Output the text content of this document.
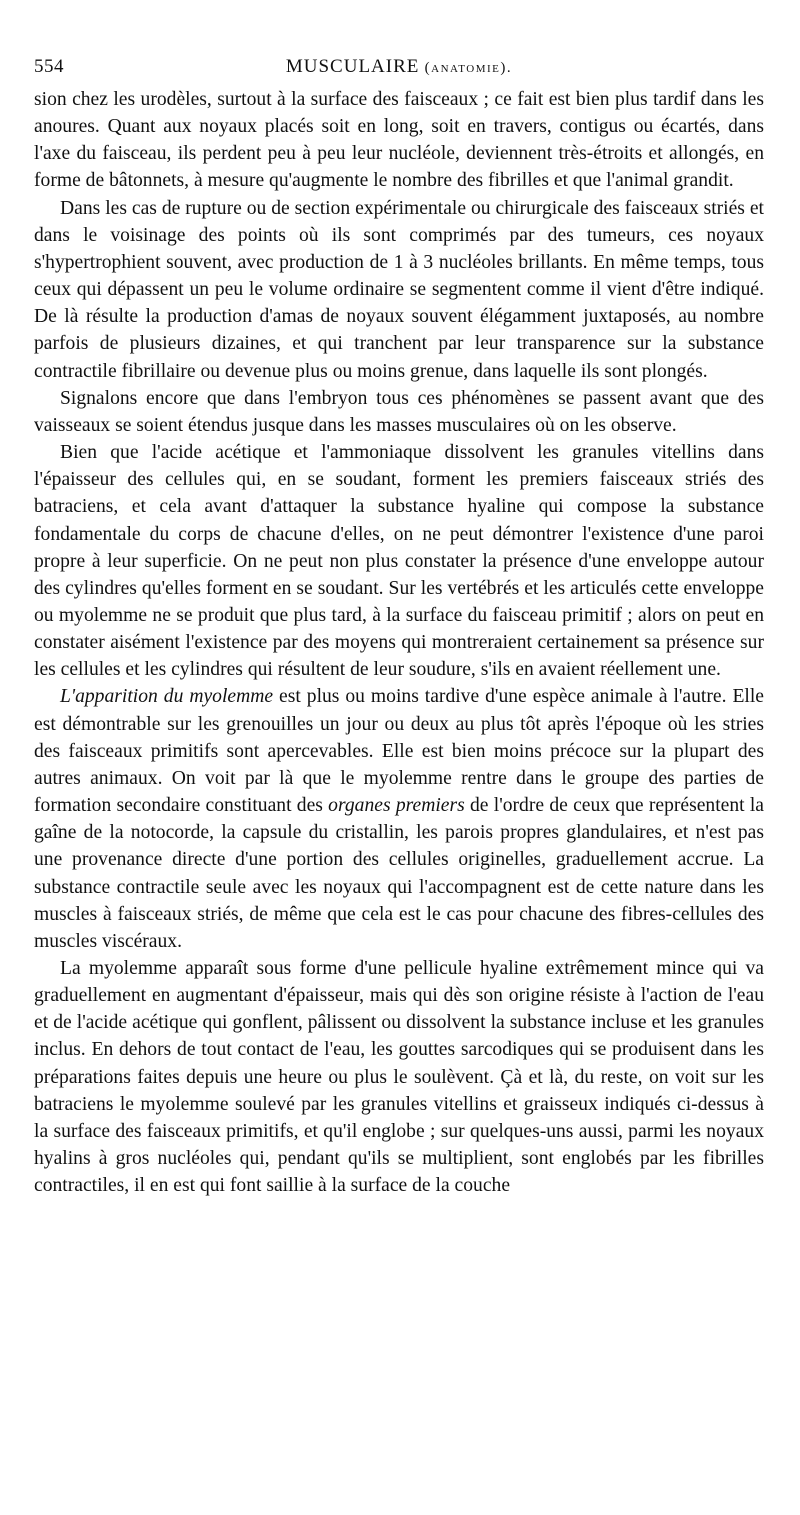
554	MUSCULAIRE (anatomie).

sion chez les urodèles, surtout à la surface des faisceaux ; ce fait est bien plus tardif dans les anoures. Quant aux noyaux placés soit en long, soit en travers, contigus ou écartés, dans l'axe du faisceau, ils perdent peu à peu leur nucléole, deviennent très-étroits et allongés, en forme de bâtonnets, à mesure qu'augmente le nombre des fibrilles et que l'animal grandit.

Dans les cas de rupture ou de section expérimentale ou chirurgicale des faisceaux striés et dans le voisinage des points où ils sont comprimés par des tumeurs, ces noyaux s'hypertrophient souvent, avec production de 1 à 3 nucléoles brillants. En même temps, tous ceux qui dépassent un peu le volume ordinaire se segmentent comme il vient d'être indiqué. De là résulte la production d'amas de noyaux souvent élégamment juxtaposés, au nombre parfois de plusieurs dizaines, et qui tranchent par leur transparence sur la substance contractile fibrillaire ou devenue plus ou moins grenue, dans laquelle ils sont plongés.

Signalons encore que dans l'embryon tous ces phénomènes se passent avant que des vaisseaux se soient étendus jusque dans les masses musculaires où on les observe.

Bien que l'acide acétique et l'ammoniaque dissolvent les granules vitellins dans l'épaisseur des cellules qui, en se soudant, forment les premiers faisceaux striés des batraciens, et cela avant d'attaquer la substance hyaline qui compose la substance fondamentale du corps de chacune d'elles, on ne peut démontrer l'existence d'une paroi propre à leur superficie. On ne peut non plus constater la présence d'une enveloppe autour des cylindres qu'elles forment en se soudant. Sur les vertébrés et les articulés cette enveloppe ou myolemme ne se produit que plus tard, à la surface du faisceau primitif ; alors on peut en constater aisément l'existence par des moyens qui montreraient certainement sa présence sur les cellules et les cylindres qui résultent de leur soudure, s'ils en avaient réellement une.

L'apparition du myolemme est plus ou moins tardive d'une espèce animale à l'autre. Elle est démontrable sur les grenouilles un jour ou deux au plus tôt après l'époque où les stries des faisceaux primitifs sont apercevables. Elle est bien moins précoce sur la plupart des autres animaux. On voit par là que le myolemme rentre dans le groupe des parties de formation secondaire constituant des organes premiers de l'ordre de ceux que représentent la gaîne de la notocorde, la capsule du cristallin, les parois propres glandulaires, et n'est pas une provenance directe d'une portion des cellules originelles, graduellement accrue. La substance contractile seule avec les noyaux qui l'accompagnent est de cette nature dans les muscles à faisceaux striés, de même que cela est le cas pour chacune des fibres-cellules des muscles viscéraux.

La myolemme apparaît sous forme d'une pellicule hyaline extrêmement mince qui va graduellement en augmentant d'épaisseur, mais qui dès son origine résiste à l'action de l'eau et de l'acide acétique qui gonflent, pâlissent ou dissolvent la substance incluse et les granules inclus. En dehors de tout contact de l'eau, les gouttes sarcodiques qui se produisent dans les préparations faites depuis une heure ou plus le soulèvent. Çà et là, du reste, on voit sur les batraciens le myolemme soulevé par les granules vitellins et graisseux indiqués ci-dessus à la surface des faisceaux primitifs, et qu'il englobe ; sur quelques-uns aussi, parmi les noyaux hyalins à gros nucléoles qui, pendant qu'ils se multiplient, sont englobés par les fibrilles contractiles, il en est qui font saillie à la surface de la couche
